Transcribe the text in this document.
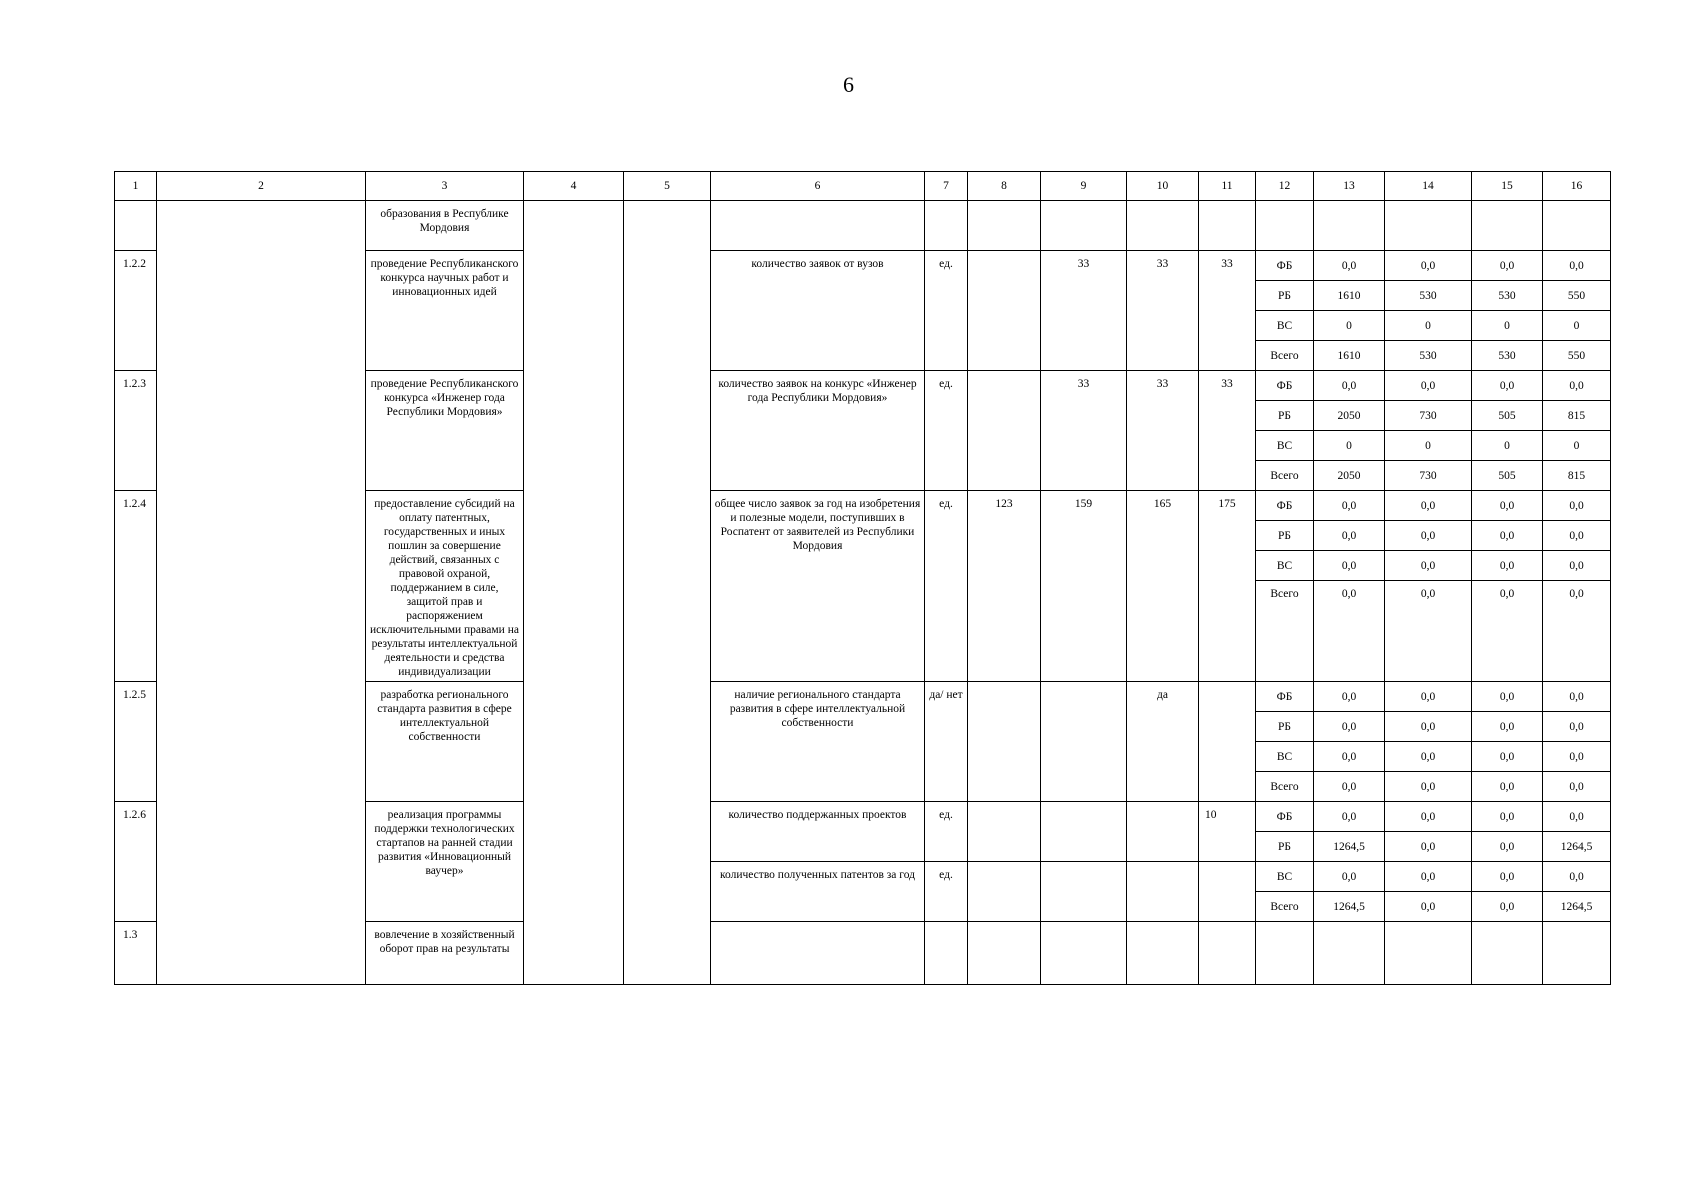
6
1	2	3	4	5	6	7	8	9	10	11	12	13	14	15	16
		образования в Республике Мордовия													
1.2.2		проведение Республиканского конкурса научных работ и инновационных идей			количество заявок от вузов	ед.		33	33	33	ФБ	0,0	0,0	0,0	0,0
											РБ	1610	530	530	550
											ВС	0	0	0	0
											Всего	1610	530	530	550
1.2.3		проведение Республиканского конкурса «Инженер года Республики Мордовия»			количество заявок на конкурс «Инженер года Республики Мордовия»	ед.		33	33	33	ФБ	0,0	0,0	0,0	0,0
											РБ	2050	730	505	815
											ВС	0	0	0	0
											Всего	2050	730	505	815
1.2.4		предоставление субсидий на оплату патентных, государственных и иных пошлин за совершение действий, связанных с правовой охраной, поддержанием в силе, защитой прав и распоряжением исключительными правами на результаты интеллектуальной деятельности и средства индивидуализации			общее число заявок за год на изобретения и полезные модели, поступивших в Роспатент от заявителей из Республики Мордовия	ед.	123	159	165	175	ФБ	0,0	0,0	0,0	0,0
											РБ	0,0	0,0	0,0	0,0
											ВС	0,0	0,0	0,0	0,0
											Всего	0,0	0,0	0,0	0,0
1.2.5		разработка регионального стандарта развития в сфере интеллектуальной собственности			наличие регионального стандарта развития в сфере интеллектуальной собственности	да/ нет			да		ФБ	0,0	0,0	0,0	0,0
											РБ	0,0	0,0	0,0	0,0
											ВС	0,0	0,0	0,0	0,0
											Всего	0,0	0,0	0,0	0,0
1.2.6		реализация программы поддержки технологических стартапов на ранней стадии развития «Инновационный ваучер»			количество поддержанных проектов	ед.				10	ФБ	0,0	0,0	0,0	0,0
											РБ	1264,5	0,0	0,0	1264,5
					количество полученных патентов за год	ед.					ВС	0,0	0,0	0,0	0,0
											Всего	1264,5	0,0	0,0	1264,5
1.3		вовлечение в хозяйственный оборот прав на результаты													
